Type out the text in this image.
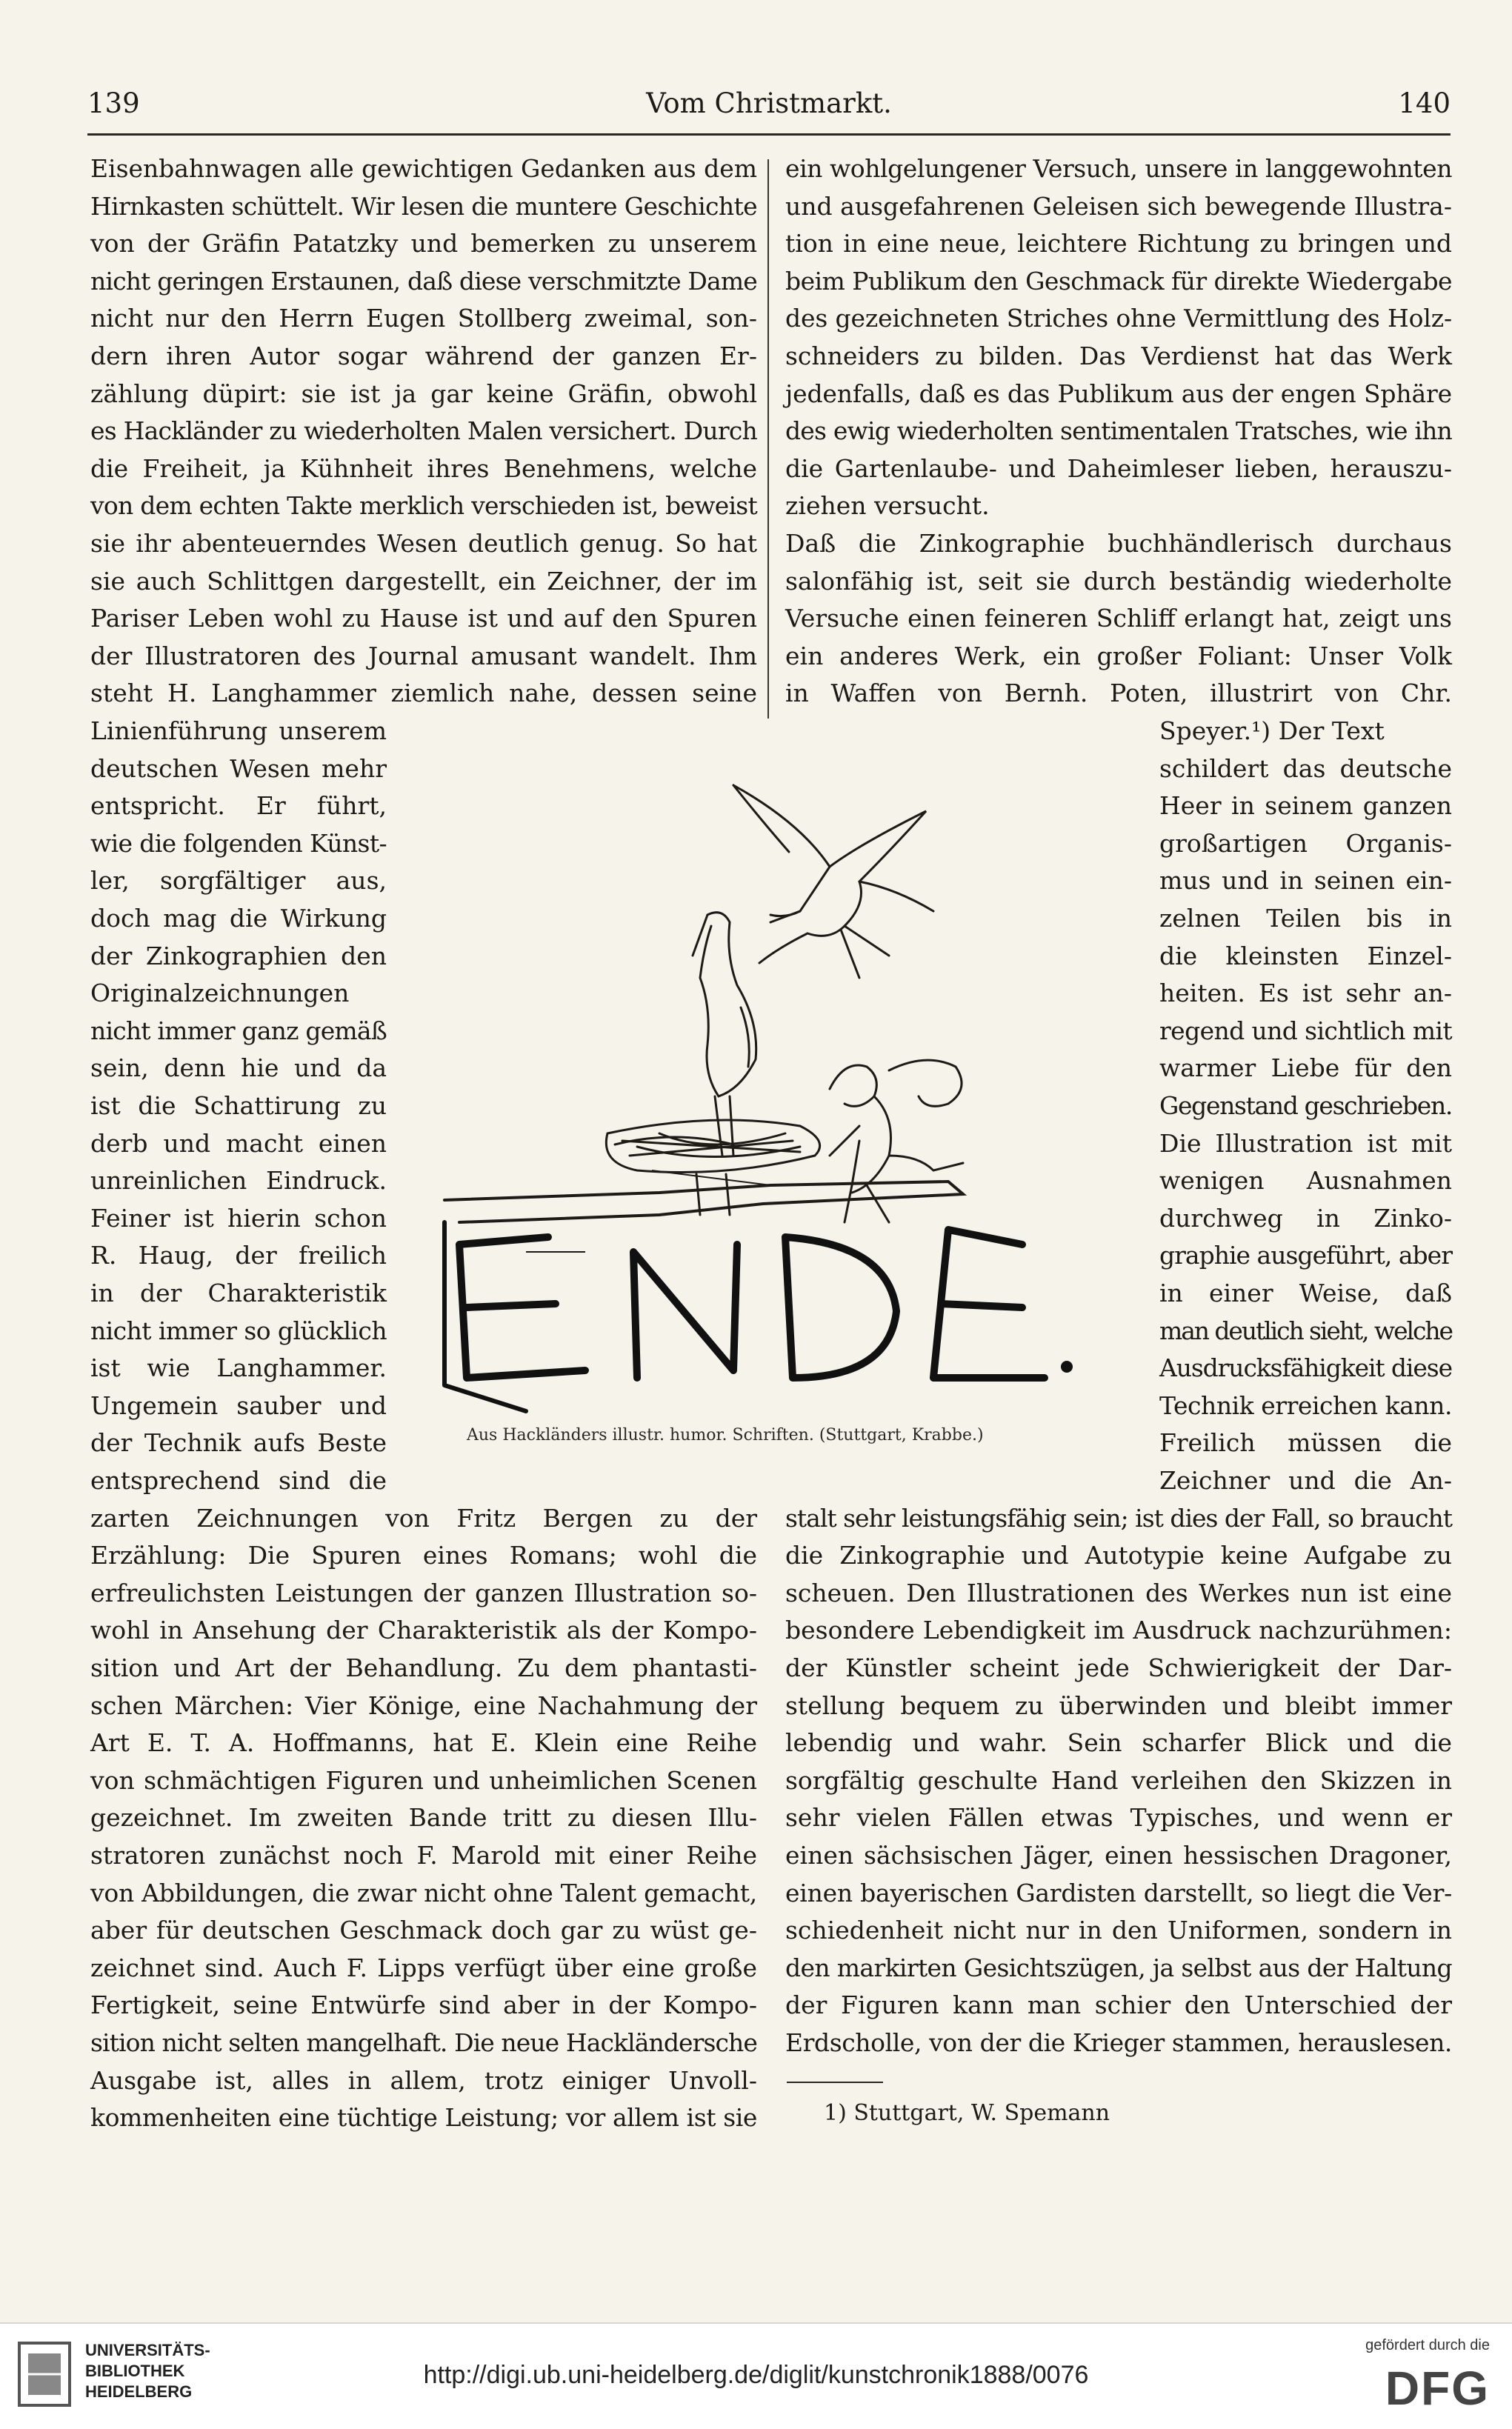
139	Vom Christmarkt.	140
Eisenbahnwagen alle gewichtigen Gedanken aus dem
Hirnkasten schüttelt. Wir lesen die muntere Geschichte
von der Gräfin Patatzky und bemerken zu unserem
nicht geringen Erstaunen, daß diese verschmitzte Dame
nicht nur den Herrn Eugen Stollberg zweimal, son-
dern ihren Autor sogar während der ganzen Er-
zählung düpirt: sie ist ja gar keine Gräfin, obwohl
es Hackländer zu wiederholten Malen versichert. Durch
die Freiheit, ja Kühnheit ihres Benehmens, welche
von dem echten Takte merklich verschieden ist, beweist
sie ihr abenteuerndes Wesen deutlich genug. So hat
sie auch Schlittgen dargestellt, ein Zeichner, der im
Pariser Leben wohl zu Hause ist und auf den Spuren
der Illustratoren des Journal amusant wandelt. Ihm
steht H. Langhammer ziemlich nahe, dessen seine
Linienführung unserem
deutschen Wesen mehr
entspricht. Er führt,
wie die folgenden Künst-
ler, sorgfältiger aus,
doch mag die Wirkung
der Zinkographien den
Originalzeichnungen
nicht immer ganz gemäß
sein, denn hie und da
ist die Schattirung zu
derb und macht einen
unreinlichen Eindruck.
Feiner ist hierin schon
R. Haug, der freilich
in der Charakteristik
nicht immer so glücklich
ist wie Langhammer.
Ungemein sauber und
der Technik aufs Beste
entsprechend sind die
zarten Zeichnungen von Fritz Bergen zu der
Erzählung: Die Spuren eines Romans; wohl die
erfreulichsten Leistungen der ganzen Illustration so-
wohl in Ansehung der Charakteristik als der Kompo-
sition und Art der Behandlung. Zu dem phantasti-
schen Märchen: Vier Könige, eine Nachahmung der
Art E. T. A. Hoffmanns, hat E. Klein eine Reihe
von schmächtigen Figuren und unheimlichen Scenen
gezeichnet. Im zweiten Bande tritt zu diesen Illu-
stratoren zunächst noch F. Marold mit einer Reihe
von Abbildungen, die zwar nicht ohne Talent gemacht,
aber für deutschen Geschmack doch gar zu wüst ge-
zeichnet sind. Auch F. Lipps verfügt über eine große
Fertigkeit, seine Entwürfe sind aber in der Kompo-
sition nicht selten mangelhaft. Die neue Hackländersche
Ausgabe ist, alles in allem, trotz einiger Unvoll-
kommenheiten eine tüchtige Leistung; vor allem ist sie
ein wohlgelungener Versuch, unsere in langgewohnten
und ausgefahrenen Geleisen sich bewegende Illustra-
tion in eine neue, leichtere Richtung zu bringen und
beim Publikum den Geschmack für direkte Wiedergabe
des gezeichneten Striches ohne Vermittlung des Holz-
schneiders zu bilden. Das Verdienst hat das Werk
jedenfalls, daß es das Publikum aus der engen Sphäre
des ewig wiederholten sentimentalen Tratsches, wie ihn
die Gartenlaube- und Daheimleser lieben, herauszu-
ziehen versucht.
Daß die Zinkographie buchhändlerisch durchaus
salonfähig ist, seit sie durch beständig wiederholte
Versuche einen feineren Schliff erlangt hat, zeigt uns
ein anderes Werk, ein großer Foliant: Unser Volk
in Waffen von Bernh. Poten, illustrirt von Chr.
Speyer.¹) Der Text
schildert das deutsche
Heer in seinem ganzen
großartigen Organis-
mus und in seinen ein-
zelnen Teilen bis in
die kleinsten Einzel-
heiten. Es ist sehr an-
regend und sichtlich mit
warmer Liebe für den
Gegenstand geschrieben.
Die Illustration ist mit
wenigen Ausnahmen
durchweg in Zinko-
graphie ausgeführt, aber
in einer Weise, daß
man deutlich sieht, welche
Ausdrucksfähigkeit diese
Technik erreichen kann.
Freilich müssen die
Zeichner und die An-
stalt sehr leistungsfähig sein; ist dies der Fall, so braucht
die Zinkographie und Autotypie keine Aufgabe zu
scheuen. Den Illustrationen des Werkes nun ist eine
besondere Lebendigkeit im Ausdruck nachzurühmen:
der Künstler scheint jede Schwierigkeit der Dar-
stellung bequem zu überwinden und bleibt immer
lebendig und wahr. Sein scharfer Blick und die
sorgfältig geschulte Hand verleihen den Skizzen in
sehr vielen Fällen etwas Typisches, und wenn er
einen sächsischen Jäger, einen hessischen Dragoner,
einen bayerischen Gardisten darstellt, so liegt die Ver-
schiedenheit nicht nur in den Uniformen, sondern in
den markirten Gesichtszügen, ja selbst aus der Haltung
der Figuren kann man schier den Unterschied der
Erdscholle, von der die Krieger stammen, herauslesen.
Aus Hackländers illustr. humor. Schriften. (Stuttgart, Krabbe.)
1) Stuttgart, W. Spemann
UNIVERSITÄTS-
BIBLIOTHEK
HEIDELBERG
http://digi.ub.uni-heidelberg.de/diglit/kunstchronik1888/0076
gefördert durch die
DFG
